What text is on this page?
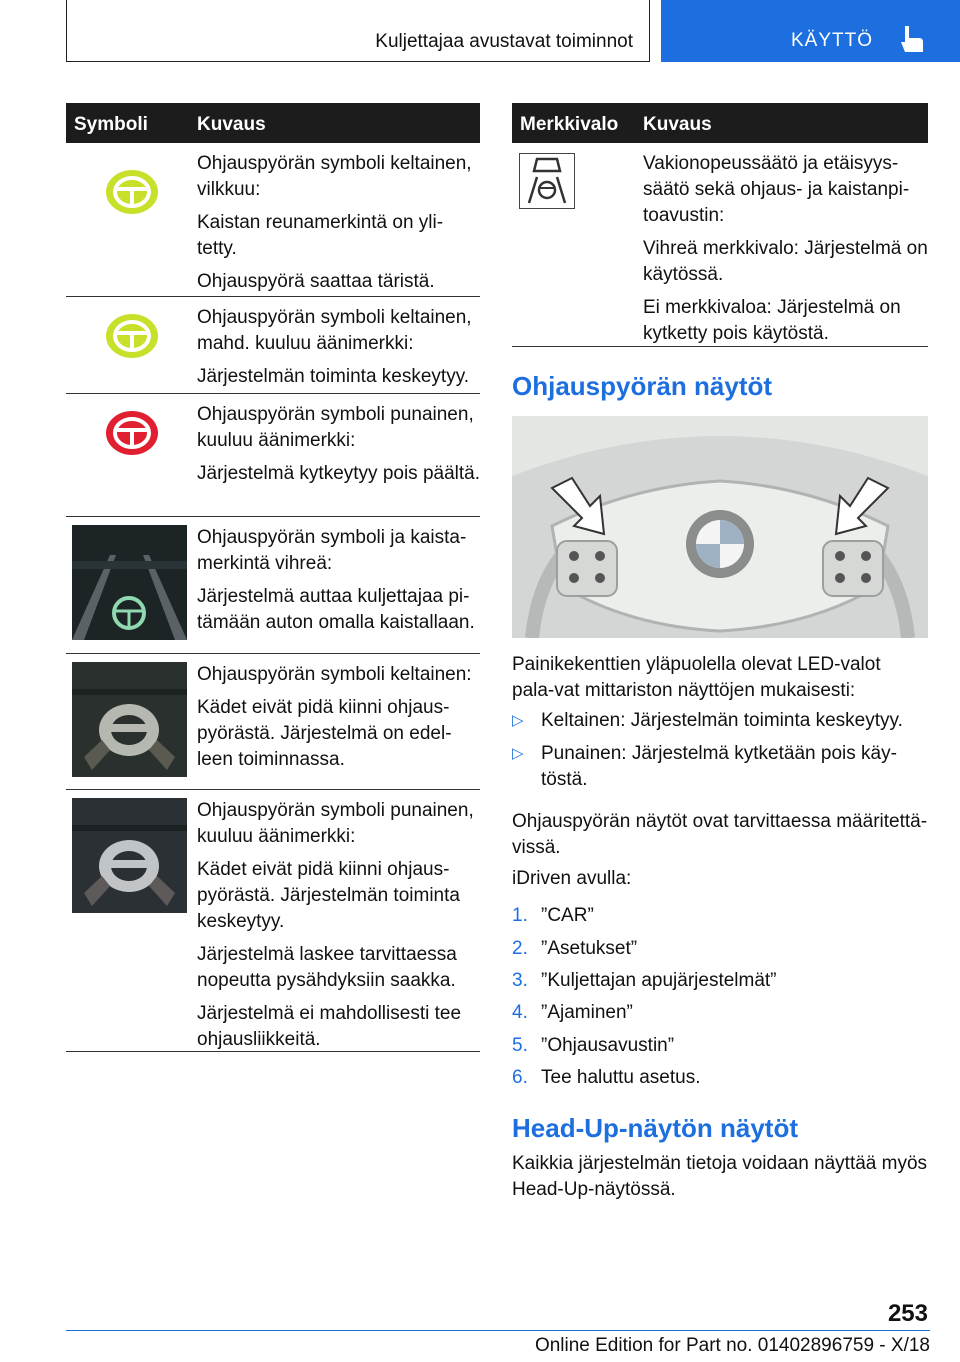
Kuljettajaa avustavat toiminnot	KÄYTTÖ
Symboli	Kuvaus

Ohjauspyörän symboli keltainen, vilkkuu:

Kaistan reunamerkintä on yli-tetty.

Ohjauspyörä saattaa täristä.

Ohjauspyörän symboli keltainen, mahd. kuuluu äänimerkki:

Järjestelmän toiminta keskeytyy.

Ohjauspyörän symboli punainen, kuuluu äänimerkki:

Järjestelmä kytkeytyy pois päältä.

Ohjauspyörän symboli ja kaista-merkintä vihreä:

Järjestelmä auttaa kuljettajaa pi-tämään auton omalla kaistallaan.

Ohjauspyörän symboli keltainen:

Kädet eivät pidä kiinni ohjaus-pyörästä. Järjestelmä on edel-leen toiminnassa.

Ohjauspyörän symboli punainen, kuuluu äänimerkki:

Kädet eivät pidä kiinni ohjaus-pyörästä. Järjestelmän toiminta keskeytyy.

Järjestelmä laskee tarvittaessa nopeutta pysähdyksiin saakka.

Järjestelmä ei mahdollisesti tee ohjausliikkeitä.

Merkkivalo Kuvaus

Vakionopeussäätö ja etäisyys-säätö sekä ohjaus- ja kaistanpi-toavustin:

Vihreä merkkivalo: Järjestelmä on käytössä.

Ei merkkivaloa: Järjestelmä on kytketty pois käytöstä.

Ohjauspyörän näytöt

Painikekenttien yläpuolella olevat LED-valot pala-vat mittariston näyttöjen mukaisesti:

▷ Keltainen: Järjestelmän toiminta keskeytyy.
▷ Punainen: Järjestelmä kytketään pois käy-töstä.

Ohjauspyörän näytöt ovat tarvittaessa määritettä-vissä.

iDriven avulla:

1. ”CAR”
2. ”Asetukset”
3. ”Kuljettajan apujärjestelmät”
4. ”Ajaminen”
5. ”Ohjausavustin”
6. Tee haluttu asetus.
Head-Up-näytön näytöt

Kaikkia järjestelmän tietoja voidaan näyttää myös Head-Up-näytössä.

253
Online Edition for Part no. 01402896759 - X/18
